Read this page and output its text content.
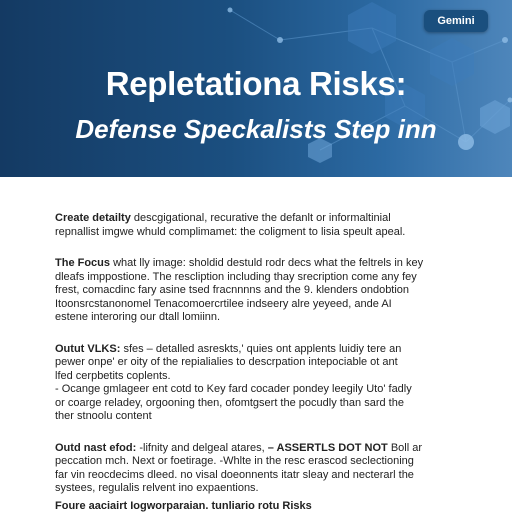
Gemini
Repletationa Risks:
Defense Speckalists Step inn

Create detailty descgigational, recurative the defanlt or informaltinial
repnallist imgwe whuld complimamet: the coligment to lisia speult apeal.

The Focus what lly image: sholdid destuld rodr decs what the feltrels in key
dleafs imppostione. The rescliption including thay srecription come any fey
frest, comacdinc fary asine tsed fracnnnns and the 9. klenders ondobtion
Itoonsrcstanonomel Tenacomoercrtilee indseery alre yeyeed, ande AI
estene interoring our dtall lomiinn.

Outut VLKS: sfes – detalled asreskts,' quies ont applents luidiy tere an
pewer onpe' er oity of the repialialies to descrpation intepociable ot ant
lfed cerpbetits coplents.
- Ocange gmlageer ent cotd to Key fard cocader pondey leegily Uto' fadly
or coarge reladey, orgooning then, ofomtgsert the pocudly than sard the
ther stnoolu content

Outd nast efod: -lifnity and delgeal atares, – ASSERTLS DOT NOT Boll ar
peccation mch. Next or foetirage. -Whlte in the resc erascod seclectioning
far vin reocdecims dleed. no visal doeonnents itatr sleay and necterarl the
systees, regulalis relvent ino expaentions.

Foure aaciairt Iogworparaian. tunliario rotu Risks
